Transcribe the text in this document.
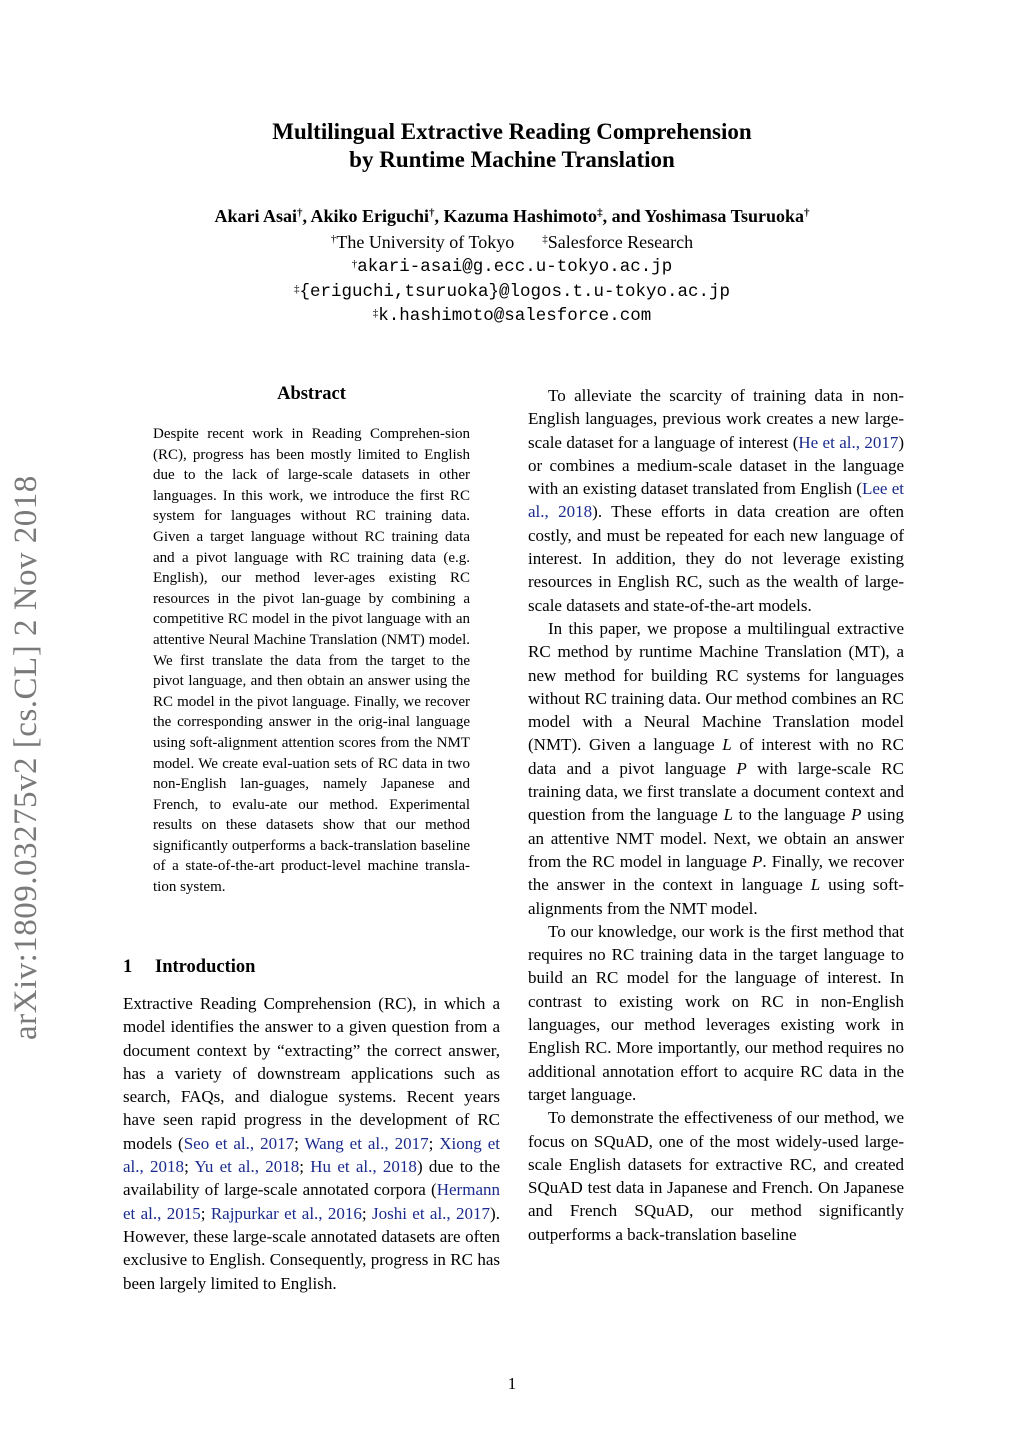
Multilingual Extractive Reading Comprehension
by Runtime Machine Translation
Akari Asai†, Akiko Eriguchi†, Kazuma Hashimoto‡, and Yoshimasa Tsuruoka†
†The University of Tokyo	‡Salesforce Research
†akari-asai@g.ecc.u-tokyo.ac.jp
‡{eriguchi,tsuruoka}@logos.t.u-tokyo.ac.jp
‡k.hashimoto@salesforce.com
arXiv:1809.03275v2 [cs.CL] 2 Nov 2018
Abstract

Despite recent work in Reading Comprehen-sion (RC), progress has been mostly limited to English due to the lack of large-scale datasets in other languages. In this work, we introduce the first RC system for languages without RC training data. Given a target language without RC training data and a pivot language with RC training data (e.g. English), our method lever-ages existing RC resources in the pivot lan-guage by combining a competitive RC model in the pivot language with an attentive Neural Machine Translation (NMT) model. We first translate the data from the target to the pivot language, and then obtain an answer using the RC model in the pivot language. Finally, we recover the corresponding answer in the orig-inal language using soft-alignment attention scores from the NMT model. We create eval-uation sets of RC data in two non-English lan-guages, namely Japanese and French, to evalu-ate our method. Experimental results on these datasets show that our method significantly outperforms a back-translation baseline of a state-of-the-art product-level machine transla-tion system.

1 Introduction

Extractive Reading Comprehension (RC), in which a model identifies the answer to a given question from a document context by “extracting” the correct answer, has a variety of downstream applications such as search, FAQs, and dialogue systems. Recent years have seen rapid progress in the development of RC models (Seo et al., 2017; Wang et al., 2017; Xiong et al., 2018; Yu et al., 2018; Hu et al., 2018) due to the availability of large-scale annotated corpora (Hermann et al., 2015; Rajpurkar et al., 2016; Joshi et al., 2017). However, these large-scale annotated datasets are often exclusive to English. Consequently, progress in RC has been largely limited to English.

To alleviate the scarcity of training data in non-English languages, previous work creates a new large-scale dataset for a language of interest (He et al., 2017) or combines a medium-scale dataset in the language with an existing dataset translated from English (Lee et al., 2018). These efforts in data creation are often costly, and must be repeated for each new language of interest. In addition, they do not leverage existing resources in English RC, such as the wealth of large-scale datasets and state-of-the-art models.

In this paper, we propose a multilingual extractive RC method by runtime Machine Translation (MT), a new method for building RC systems for languages without RC training data. Our method combines an RC model with a Neural Machine Translation model (NMT). Given a language L of interest with no RC data and a pivot language P with large-scale RC training data, we first translate a document context and question from the language L to the language P using an attentive NMT model. Next, we obtain an answer from the RC model in language P. Finally, we recover the answer in the context in language L using soft-alignments from the NMT model.

To our knowledge, our work is the first method that requires no RC training data in the target language to build an RC model for the language of interest. In contrast to existing work on RC in non-English languages, our method leverages existing work in English RC. More importantly, our method requires no additional annotation effort to acquire RC data in the target language.

To demonstrate the effectiveness of our method, we focus on SQuAD, one of the most widely-used large-scale English datasets for extractive RC, and created SQuAD test data in Japanese and French. On Japanese and French SQuAD, our method significantly outperforms a back-translation baseline

1
